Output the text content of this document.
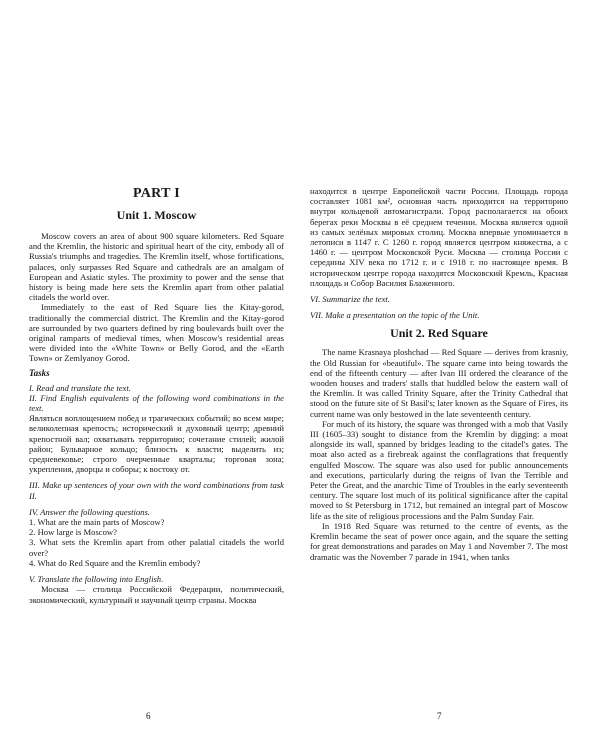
PART I
Unit 1. Moscow

Moscow covers an area of about 900 square kilometers. Red Square and the Kremlin, the historic and spiritual heart of the city, embody all of Russia's triumphs and tragedies. The Kremlin itself, whose fortifications, palaces, only surpasses Red Square and cathedrals are an amalgam of European and Asiatic styles. The proximity to power and the sense that history is being made here sets the Kremlin apart from other palatial citadels the world over.

Immediately to the east of Red Square lies the Kitay-gorod, traditionally the commercial district. The Kremlin and the Kitay-gorod are surrounded by two quarters defined by ring boulevards built over the original ramparts of medieval times, when Moscow's residential areas were divided into the «White Town» or Belly Gorod, and the «Earth Town» or Zemlyanoy Gorod.

Tasks

I. Read and translate the text.

II. Find English equivalents of the following word combinations in the text.

Являться воплощением побед и трагических событий; во всем мире; великолепная крепость; исторический и духовный центр; древний крепостной вал; охватывать территорию; сочетание стилей; жилой район; Бульварное кольцо; близость к власти; выделить из; средневековье; строго очерченные кварталы; торговая зона; укрепления, дворцы и соборы; к востоку от.

III. Make up sentences of your own with the word combinations from task II.

IV. Answer the following questions.

1. What are the main parts of Moscow?

2. How large is Moscow?

3. What sets the Kremlin apart from other palatial citadels the world over?

4. What do Red Square and the Kremlin embody?

V. Translate the following into English.

Москва — столица Российской Федерации, политический, экономический, культурный и научный центр страны. Москва

6

находится в центре Европейской части России. Площадь города составляет 1081 км², основная часть приходится на территорию внутри кольцевой автомагистрали. Город располагается на обоих берегах реки Москвы в её среднем течении. Москва является одной из самых зелёных мировых столиц. Москва впервые упоминается в летописи в 1147 г. С 1260 г. город является центром княжества, а с 1460 г. — центром Московской Руси. Москва — столица России с середины XIV века по 1712 г. и с 1918 г. по настоящее время. В историческом центре города находятся Московский Кремль, Красная площадь и Собор Василия Блаженного.

VI. Summarize the text.

VII. Make a presentation on the topic of the Unit.

Unit 2. Red Square

The name Krasnaya ploshchad — Red Square — derives from krasniy, the Old Russian for «beautiful». The square came into being towards the end of the fifteenth century — after Ivan III ordered the clearance of the wooden houses and traders' stalls that huddled below the eastern wall of the Kremlin. It was called Trinity Square, after the Trinity Cathedral that stood on the future site of St Basil's; later known as the Square of Fires, its current name was only bestowed in the late seventeenth century.

For much of its history, the square was thronged with a mob that Vasily III (1605–33) sought to distance from the Kremlin by digging: a moat alongside its wall, spanned by bridges leading to the citadel's gates. The moat also acted as a firebreak against the conflagrations that frequently engulfed Moscow. The square was also used for public announcements and executions, particularly during the reigns of Ivan the Terrible and Peter the Great, and the anarchic Time of Troubles in the early seventeenth century. The square lost much of its political significance after the capital moved to St Petersburg in 1712, but remained an integral part of Moscow life as the site of religious processions and the Palm Sunday Fair.

In 1918 Red Square was returned to the centre of events, as the Kremlin became the seat of power once again, and the square the setting for great demonstrations and parades on May 1 and November 7. The most dramatic was the November 7 parade in 1941, when tanks

7
